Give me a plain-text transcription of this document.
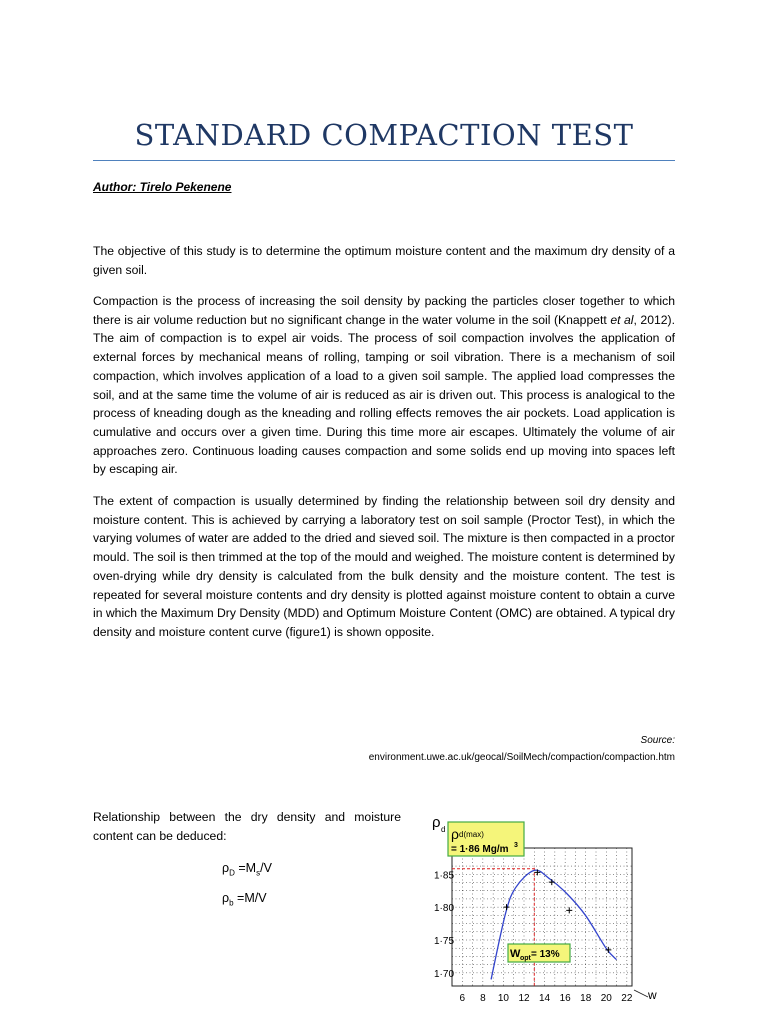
STANDARD COMPACTION TEST
Author: Tirelo Pekenene
The objective of this study is to determine the optimum moisture content and the maximum dry density of a given soil.
Compaction is the process of increasing the soil density by packing the particles closer together to which there is air volume reduction but no significant change in the water volume in the soil (Knappett et al, 2012). The aim of compaction is to expel air voids. The process of soil compaction involves the application of external forces by mechanical means of rolling, tamping or soil vibration. There is a mechanism of soil compaction, which involves application of a load to a given soil sample. The applied load compresses the soil, and at the same time the volume of air is reduced as air is driven out. This process is analogical to the process of kneading dough as the kneading and rolling effects removes the air pockets. Load application is cumulative and occurs over a given time. During this time more air escapes. Ultimately the volume of air approaches zero. Continuous loading causes compaction and some solids end up moving into spaces left by escaping air.
The extent of compaction is usually determined by finding the relationship between soil dry density and moisture content. This is achieved by carrying a laboratory test on soil sample (Proctor Test), in which the varying volumes of water are added to the dried and sieved soil. The mixture is then compacted in a proctor mould. The soil is then trimmed at the top of the mould and weighed. The moisture content is determined by oven-drying while dry density is calculated from the bulk density and the moisture content. The test is repeated for several moisture contents and dry density is plotted against moisture content to obtain a curve in which the Maximum Dry Density (MDD) and Optimum Moisture Content (OMC) are obtained. A typical dry density and moisture content curve (figure1) is shown opposite.
Source:
environment.uwe.ac.uk/geocal/SoilMech/compaction/compaction.htm
Relationship between the dry density and moisture content can be deduced:
$\rho_D =M_s/V$
$\rho_b =M/V$
1·85
1·80
1·75
1·70
6 8 10 12 14 16 18 20 22
ρ d
w
ρ d(max)
= 1·86 Mg/m 3
W opt = 13%
